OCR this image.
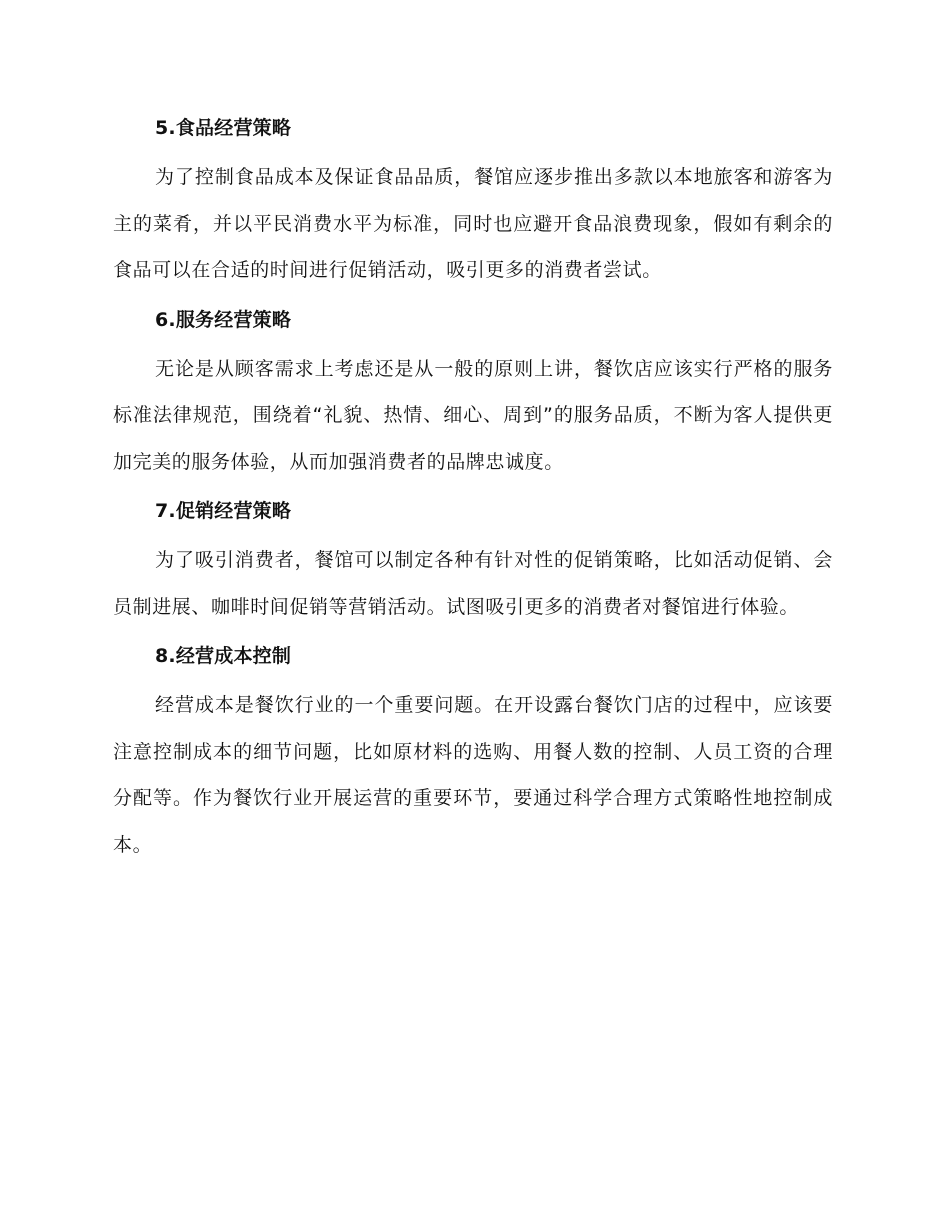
5.食品经营策略

为了控制食品成本及保证食品品质，餐馆应逐步推出多款以本地旅客和游客为主的菜肴，并以平民消费水平为标准，同时也应避开食品浪费现象，假如有剩余的食品可以在合适的时间进行促销活动，吸引更多的消费者尝试。

6.服务经营策略

无论是从顾客需求上考虑还是从一般的原则上讲，餐饮店应该实行严格的服务标准法律规范，围绕着“礼貌、热情、细心、周到”的服务品质，不断为客人提供更加完美的服务体验，从而加强消费者的品牌忠诚度。

7.促销经营策略

为了吸引消费者，餐馆可以制定各种有针对性的促销策略，比如活动促销、会员制进展、咖啡时间促销等营销活动。试图吸引更多的消费者对餐馆进行体验。

8.经营成本控制

经营成本是餐饮行业的一个重要问题。在开设露台餐饮门店的过程中，应该要注意控制成本的细节问题，比如原材料的选购、用餐人数的控制、人员工资的合理分配等。作为餐饮行业开展运营的重要环节，要通过科学合理方式策略性地控制成本。
